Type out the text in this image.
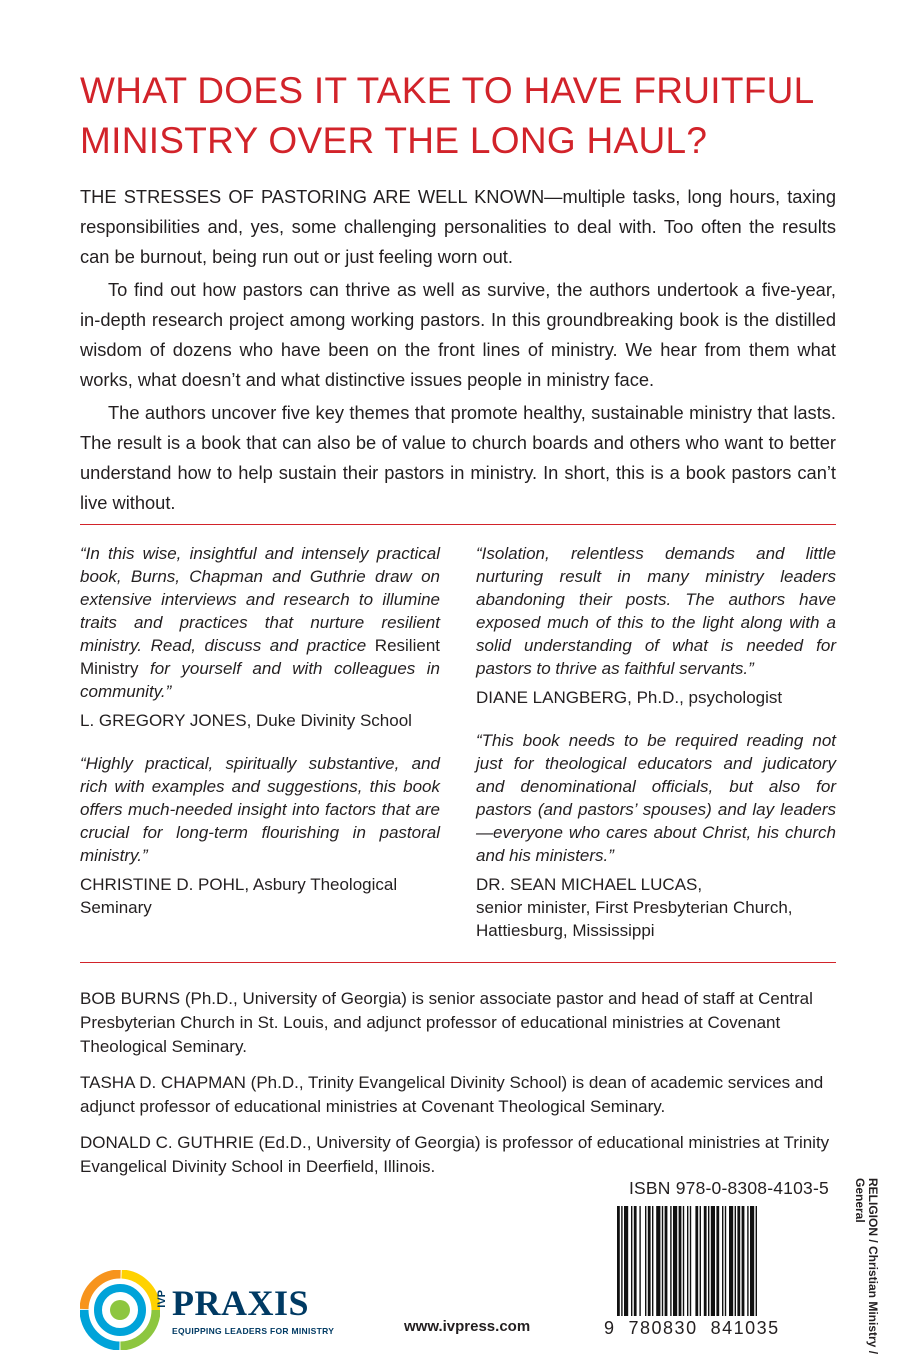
WHAT DOES IT TAKE TO HAVE FRUITFUL
MINISTRY OVER THE LONG HAUL?

THE STRESSES OF PASTORING ARE WELL KNOWN—multiple tasks, long hours, taxing responsibilities and, yes, some challenging personalities to deal with. Too often the results can be burnout, being run out or just feeling worn out.

To find out how pastors can thrive as well as survive, the authors undertook a five-year, in-depth research project among working pastors. In this groundbreaking book is the distilled wisdom of dozens who have been on the front lines of ministry. We hear from them what works, what doesn’t and what distinctive issues people in ministry face.

The authors uncover five key themes that promote healthy, sustainable ministry that lasts. The result is a book that can also be of value to church boards and others who want to better understand how to help sustain their pastors in ministry. In short, this is a book pastors can’t live without.

“In this wise, insightful and intensely practical book, Burns, Chapman and Guthrie draw on extensive interviews and research to illumine traits and practices that nurture resilient ministry. Read, discuss and practice Resilient Ministry for yourself and with colleagues in community.”

L. GREGORY JONES, Duke Divinity School

“Highly practical, spiritually substantive, and rich with examples and suggestions, this book offers much-needed insight into factors that are crucial for long-term flourishing in pastoral ministry.”

CHRISTINE D. POHL, Asbury Theological Seminary

“Isolation, relentless demands and little nurturing result in many ministry leaders abandoning their posts. The authors have exposed much of this to the light along with a solid understanding of what is needed for pastors to thrive as faithful servants.”

DIANE LANGBERG, Ph.D., psychologist

“This book needs to be required reading not just for theological educators and judicatory and denominational officials, but also for pastors (and pastors’ spouses) and lay leaders—everyone who cares about Christ, his church and his ministers.”

DR. SEAN MICHAEL LUCAS,
senior minister, First Presbyterian Church,
Hattiesburg, Mississippi

BOB BURNS (Ph.D., University of Georgia) is senior associate pastor and head of staff at Central Presbyterian Church in St. Louis, and adjunct professor of educational ministries at Covenant Theological Seminary.

TASHA D. CHAPMAN (Ph.D., Trinity Evangelical Divinity School) is dean of academic services and adjunct professor of educational ministries at Covenant Theological Seminary.

DONALD C. GUTHRIE (Ed.D., University of Georgia) is professor of educational ministries at Trinity Evangelical Divinity School in Deerfield, Illinois.

ISBN 978-0-8308-4103-5
9  780830  841035	RELIGION / Christian Ministry /
General
IVP PRAXIS
EQUIPPING LEADERS FOR MINISTRY	www.ivpress.com
